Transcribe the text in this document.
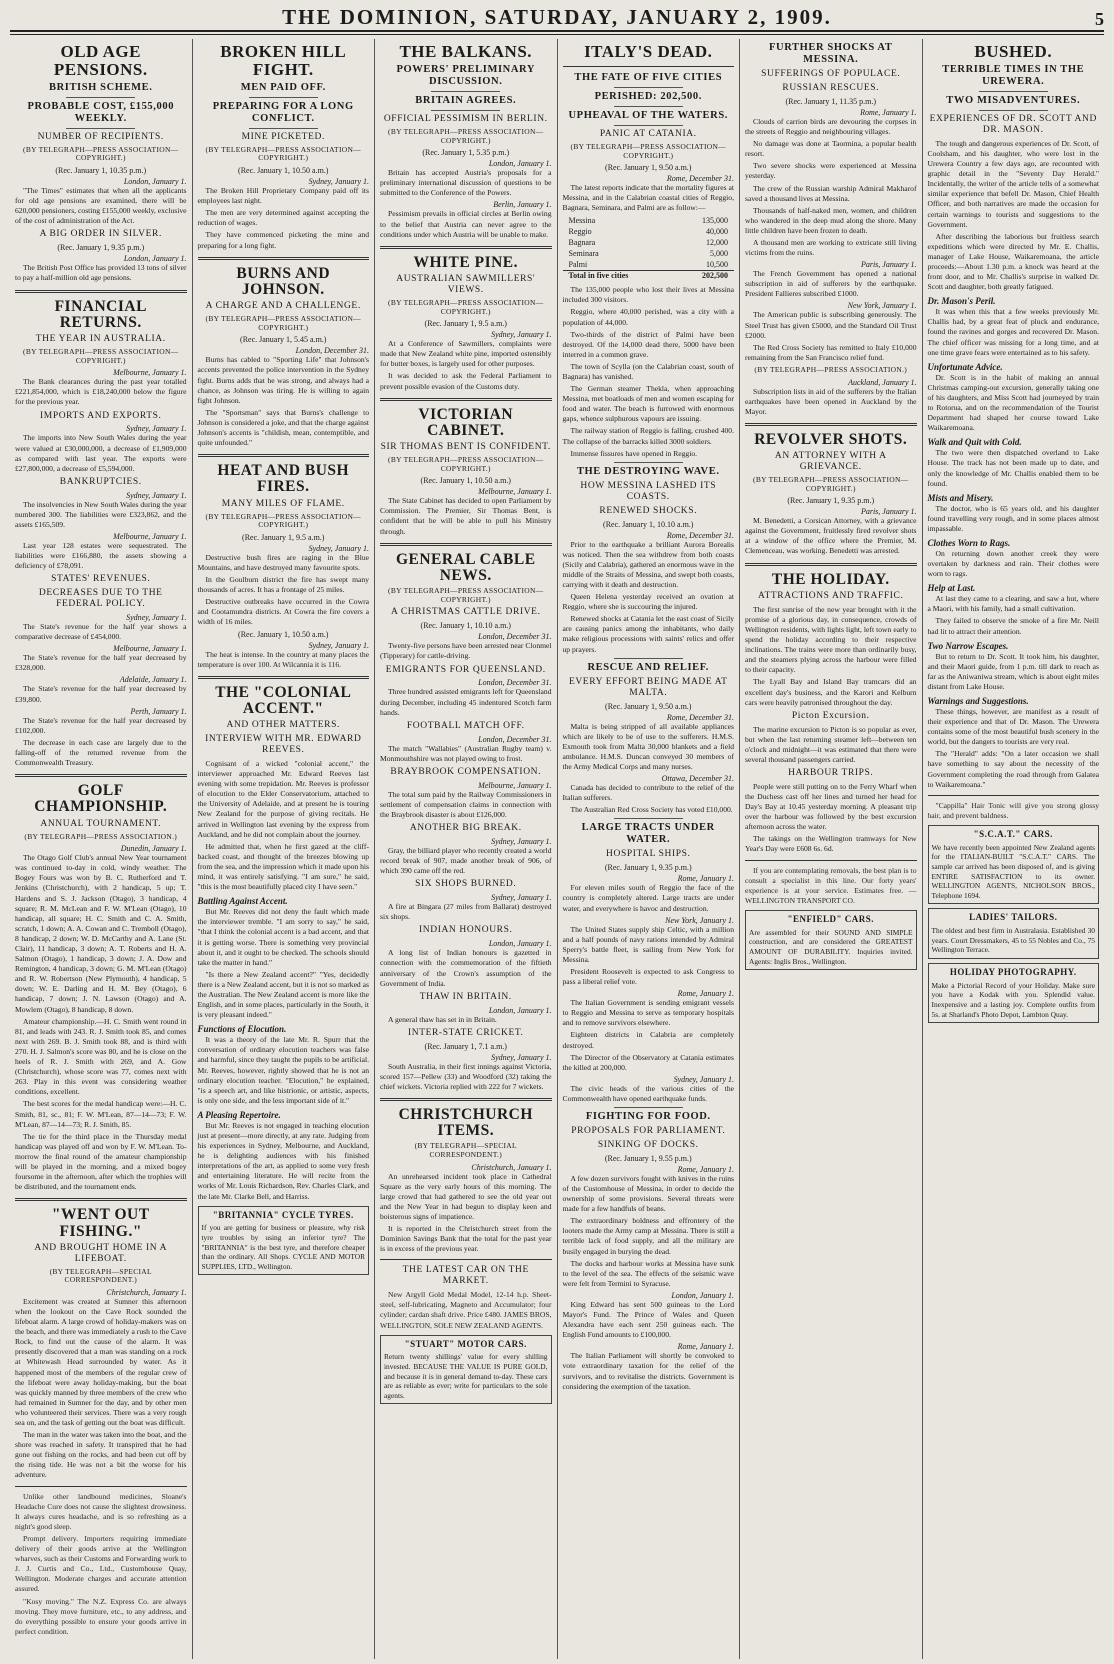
THE DOMINION, SATURDAY, JANUARY 2, 1909.	5
OLD AGE PENSIONS.
BRITISH SCHEME.
PROBABLE COST, £155,000 WEEKLY.
NUMBER OF RECIPIENTS.
(BY TELEGRAPH—PRESS ASSOCIATION—COPYRIGHT.)
(Rec. January 1, 10.35 p.m.)
London, January 1.

"The Times" estimates that when all the applicants for old age pensions are examined, there will be 620,000 pensioners, costing £155,000 weekly, exclusive of the cost of administration of the Act.

A BIG ORDER IN SILVER.
(Rec. January 1, 9.35 p.m.)
London, January 1.

The British Post Office has provided 13 tons of silver to pay a half-million old age pensions.

FINANCIAL RETURNS.
THE YEAR IN AUSTRALIA.
(BY TELEGRAPH—PRESS ASSOCIATION—COPYRIGHT.)
Melbourne, January 1.

The Bank clearances during the past year totalled £221,854,000, which is £18,240,000 below the figure for the previous year.

IMPORTS AND EXPORTS.
Sydney, January 1.

The imports into New South Wales during the year were valued at £30,000,000, a decrease of £1,909,000 as compared with last year. The exports were £27,800,000, a decrease of £5,594,000.

BANKRUPTCIES.
Sydney, January 1.

The insolvencies in New South Wales during the year numbered 300. The liabilities were £323,862, and the assets £165,509.

Melbourne, January 1.

Last year 128 estates were sequestrated. The liabilities were £166,880, the assets showing a deficiency of £78,091.

STATES' REVENUES.
DECREASES DUE TO THE FEDERAL POLICY.
Sydney, January 1.

The State's revenue for the half year shows a comparative decrease of £454,000.

Melbourne, January 1.

The State's revenue for the half year decreased by £328,000.

Adelaide, January 1.

The State's revenue for the half year decreased by £39,800.

Perth, January 1.

The State's revenue for the half year decreased by £102,000.

The decrease in each case are largely due to the falling-off of the returned revenue from the Commonwealth Treasury.

GOLF CHAMPIONSHIP.
ANNUAL TOURNAMENT.
(BY TELEGRAPH—PRESS ASSOCIATION.)
Dunedin, January 1.

The Otago Golf Club's annual New Year tournament was continued to-day in cold, windy weather. The Bogey Fours was won by B. C. Rutherford and T. Jenkins (Christchurch), with 2 handicap, 5 up; T. Hardens and S. J. Jackson (Otago), 3 handicap, 4 square; R. M. McLean and F. W. M'Lean (Otago), 10 handicap, all square; H. C. Smith and C. A. Smith, scratch, 1 down; A. A. Cowan and C. Tremboll (Otago), 8 handicap, 2 down; W. D. McCarthy and A. Lane (St. Clair), 11 handicap, 3 down; A. T. Roberts and H. A. Salmon (Otago), 1 handicap, 3 down; J. A. Dow and Remington, 4 handicap, 3 down; G. M. M'Lean (Otago) and R. W. Robertson (New Plymouth), 4 handicap, 5 down; W. E. Darling and H. M. Bey (Otago), 6 handicap, 7 down; J. N. Lawson (Otago) and A. Mowlem (Otago), 8 handicap, 8 down.

Amateur championship.—H. C. Smith went round in 81, and leads with 243. R. J. Smith took 85, and comes next with 269. B. J. Smith took 88, and is third with 270. H. J. Salmon's score was 80, and he is close on the heels of R. J. Smith with 269, and A. Gow (Christchurch), whose score was 77, comes next with 263. Play in this event was considering weather conditions, excellent.

The best scores for the medal handicap were:—H. C. Smith, 81, sc., 81; F. W. M'Lean, 87—14—73; F. W. M'Lean, 87—14—73; R. J. Smith, 85.

The tie for the third place in the Thursday medal handicap was played off and won by F. W. M'Lean. To-morrow the final round of the amateur championship will be played in the morning, and a mixed bogey foursome in the afternoon, after which the trophies will be distributed, and the tournament ends.

"WENT OUT FISHING."
AND BROUGHT HOME IN A LIFEBOAT.
(BY TELEGRAPH—SPECIAL CORRESPONDENT.)
Christchurch, January 1.

Excitement was created at Sumner this afternoon when the lookout on the Cave Rock sounded the lifeboat alarm. A large crowd of holiday-makers was on the beach, and there was immediately a rush to the Cave Rock, to find out the cause of the alarm. It was presently discovered that a man was standing on a rock at Whitewash Head surrounded by water. As it happened most of the members of the regular crew of the lifeboat were away holiday-making, but the boat was quickly manned by three members of the crew who had remained in Sumner for the day, and by other men who volunteered their services. There was a very rough sea on, and the task of getting out the boat was difficult.

The man in the water was taken into the boat, and the shore was reached in safety. It transpired that he had gone out fishing on the rocks, and had been cut off by the rising tide. He was not a bit the worse for his adventure.

Unlike other landbound medicines, Sloane's Headache Cure does not cause the slightest drowsiness. It always cures headache, and is so refreshing as a night's good sleep.

Prompt delivery. Importers requiring immediate delivery of their goods arrive at the Wellington wharves, such as their Customs and Forwarding work to J. J. Curtis and Co., Ltd., Customhouse Quay, Wellington. Moderate charges and accurate attention assured.

"Kosy moving." The N.Z. Express Co. are always moving. They move furniture, etc., to any address, and do everything possible to ensure your goods arrive in perfect condition.

BROKEN HILL FIGHT.
MEN PAID OFF.
PREPARING FOR A LONG CONFLICT.
MINE PICKETED.
(BY TELEGRAPH—PRESS ASSOCIATION—COPYRIGHT.)
(Rec. January 1, 10.50 a.m.)
Sydney, January 1.

The Broken Hill Proprietary Company paid off its employees last night.

The men are very determined against accepting the reduction of wages.

They have commenced picketing the mine and preparing for a long fight.

BURNS AND JOHNSON.
A CHARGE AND A CHALLENGE.
(BY TELEGRAPH—PRESS ASSOCIATION—COPYRIGHT.)
(Rec. January 1, 5.45 a.m.)
London, December 31.

Burns has cabled to "Sporting Life" that Johnson's accents prevented the police intervention in the Sydney fight. Burns adds that he was strong, and always had a chance, as Johnson was tiring. He is willing to again fight Johnson.

The "Sportsman" says that Burns's challenge to Johnson is considered a joke, and that the charge against Johnson's accents is "childish, mean, contemptible, and quite unfounded."

HEAT AND BUSH FIRES.
MANY MILES OF FLAME.
(BY TELEGRAPH—PRESS ASSOCIATION—COPYRIGHT.)
(Rec. January 1, 9.5 a.m.)
Sydney, January 1.

Destructive bush fires are raging in the Blue Mountains, and have destroyed many favourite spots.

In the Goulburn district the fire has swept many thousands of acres. It has a frontage of 25 miles.

Destructive outbreaks have occurred in the Cowra and Cootamundra districts. At Cowra the fire covers a width of 16 miles.

(Rec. January 1, 10.50 a.m.)
Sydney, January 1.

The heat is intense. In the country at many places the temperature is over 100. At Wilcannia it is 116.

THE "COLONIAL ACCENT."
AND OTHER MATTERS.
INTERVIEW WITH MR. EDWARD REEVES.

Cognisant of a wicked "colonial accent," the interviewer approached Mr. Edward Reeves last evening with some trepidation. Mr. Reeves is professor of elocution to the Elder Conservatorium, attached to the University of Adelaide, and at present he is touring New Zealand for the purpose of giving recitals. He arrived in Wellington last evening by the express from Auckland, and he did not complain about the journey.

He admitted that, when he first gazed at the cliff-backed coast, and thought of the breezes blowing up from the sea, and the impression which it made upon his mind, it was entirely satisfying. "I am sure," he said, "this is the most beautifully placed city I have seen."

Battling Against Accent.

But Mr. Reeves did not deny the fault which made the interviewer tremble. "I am sorry to say," he said, "that I think the colonial accent is a bad accent, and that it is getting worse. There is something very provincial about it, and it ought to be checked. The schools should take the matter in hand."

"Is there a New Zealand accent?" "Yes, decidedly there is a New Zealand accent, but it is not so marked as the Australian. The New Zealand accent is more like the English, and in some places, particularly in the South, it is very pleasant indeed."

Functions of Elocution.

It was a theory of the late Mr. R. Spurr that the conversation of ordinary elocution teachers was false and harmful, since they taught the pupils to be artificial. Mr. Reeves, however, rightly showed that he is not an ordinary elocution teacher. "Elocution," he explained, "is a speech art, and like histrionic, or artistic, aspects, is only one side, and the less important side of it."

A Pleasing Repertoire.

But Mr. Reeves is not engaged in teaching elocution just at present—more directly, at any rate. Judging from his experiences in Sydney, Melbourne, and Auckland, he is delighting audiences with his finished interpretations of the art, as applied to some very fresh and entertaining literature. He will recite from the works of Mr. Louis Richardson, Rev. Charles Clark, and the late Mr. Clarke Bell, and Harriss.

"BRITANNIA" CYCLE TYRES.
If you are getting for business or pleasure, why risk tyre troubles by using an inferior tyre? The "BRITANNIA" is the best tyre, and therefore cheaper than the ordinary. All Shops. CYCLE AND MOTOR SUPPLIES, LTD., Wellington.
THE BALKANS.
POWERS' PRELIMINARY DISCUSSION.
BRITAIN AGREES.
OFFICIAL PESSIMISM IN BERLIN.
(BY TELEGRAPH—PRESS ASSOCIATION—COPYRIGHT.)
(Rec. January 1, 5.35 p.m.)
London, January 1.

Britain has accepted Austria's proposals for a preliminary international discussion of questions to be submitted to the Conference of the Powers.

Berlin, January 1.

Pessimism prevails in official circles at Berlin owing to the belief that Austria can never agree to the conditions under which Austria will be unable to make.

WHITE PINE.
AUSTRALIAN SAWMILLERS' VIEWS.
(BY TELEGRAPH—PRESS ASSOCIATION—COPYRIGHT.)
(Rec. January 1, 9.5 a.m.)
Sydney, January 1.

At a Conference of Sawmillers, complaints were made that New Zealand white pine, imported ostensibly for butter boxes, is largely used for other purposes.

It was decided to ask the Federal Parliament to prevent possible evasion of the Customs duty.

VICTORIAN CABINET.
SIR THOMAS BENT IS CONFIDENT.
(BY TELEGRAPH—PRESS ASSOCIATION—COPYRIGHT.)
(Rec. January 1, 10.50 a.m.)
Melbourne, January 1.

The State Cabinet has decided to open Parliament by Commission. The Premier, Sir Thomas Bent, is confident that he will be able to pull his Ministry through.

GENERAL CABLE NEWS.
(BY TELEGRAPH—PRESS ASSOCIATION—COPYRIGHT.)
A CHRISTMAS CATTLE DRIVE.
(Rec. January 1, 10.10 a.m.)
London, December 31.

Twenty-five persons have been arrested near Clonmel (Tipperary) for cattle-driving.

EMIGRANTS FOR QUEENSLAND.
London, December 31.

Three hundred assisted emigrants left for Queensland during December, including 45 indentured Scotch farm hands.

FOOTBALL MATCH OFF.
London, December 31.

The match "Wallabies" (Australian Rugby team) v. Monmouthshire was not played owing to frost.

BRAYBROOK COMPENSATION.
Melbourne, January 1.

The total sum paid by the Railway Commissioners in settlement of compensation claims in connection with the Braybrook disaster is about £126,000.

ANOTHER BIG BREAK.
Sydney, January 1.

Gray, the billiard player who recently created a world record break of 907, made another break of 906, of which 390 came off the red.

SIX SHOPS BURNED.
Sydney, January 1.

A fire at Bingara (27 miles from Ballarat) destroyed six shops.

INDIAN HONOURS.
London, January 1.

A long list of Indian honours is gazetted in connection with the commemoration of the fiftieth anniversary of the Crown's assumption of the Government of India.

THAW IN BRITAIN.
London, January 1.

A general thaw has set in in Britain.

INTER-STATE CRICKET.
(Rec. January 1, 7.1 a.m.)
Sydney, January 1.

South Australia, in their first innings against Victoria, scored 157—Pellew (33) and Woodford (32) taking the chief wickets. Victoria replied with 222 for 7 wickets.

CHRISTCHURCH ITEMS.
(BY TELEGRAPH—SPECIAL CORRESPONDENT.)
Christchurch, January 1.

An unrehearsed incident took place in Cathedral Square as the very early hours of this morning. The large crowd that had gathered to see the old year out and the New Year in had begun to display keen and boisterous signs of impatience.

It is reported in the Christchurch street from the Dominion Savings Bank that the total for the past year is in excess of the previous year.

THE LATEST CAR ON THE MARKET.

New Argyll Gold Medal Model, 12-14 h.p. Sheet-steel, self-lubricating, Magneto and Accumulator; four cylinder; cardan shaft drive. Price £480. JAMES BROS, WELLINGTON, SOLE NEW ZEALAND AGENTS.

"STUART" MOTOR CARS.
Return twenty shillings' value for every shilling invested. BECAUSE THE VALUE IS PURE GOLD, and because it is in general demand to-day. These cars are as reliable as ever; write for particulars to the sole agents.
ITALY'S DEAD.
THE FATE OF FIVE CITIES
PERISHED: 202,500.
UPHEAVAL OF THE WATERS.
PANIC AT CATANIA.
(BY TELEGRAPH—PRESS ASSOCIATION—COPYRIGHT.)
(Rec. January 1, 9.50 a.m.)
Rome, December 31.

The latest reports indicate that the mortality figures at Messina, and in the Calabrian coastal cities of Reggio, Bagnara, Seminara, and Palmi are as follow:—

Messina	135,000
Reggio	40,000
Bagnara	12,000
Seminara	5,000
Palmi	10,500
Total in five cities	202,500

The 135,000 people who lost their lives at Messina included 300 visitors.

Reggio, where 40,000 perished, was a city with a population of 44,000.

Two-thirds of the district of Palmi have been destroyed. Of the 14,000 dead there, 5000 have been interred in a common grave.

The town of Scylla (on the Calabrian coast, south of Bagnara) has vanished.

The German steamer Thekla, when approaching Messina, met boatloads of men and women escaping for food and water. The beach is furrowed with enormous gaps, whence sulphurous vapours are issuing.

The railway station of Reggio is falling, crushed 400. The collapse of the barracks killed 3000 soldiers.

Immense fissures have opened in Reggio.

THE DESTROYING WAVE.
HOW MESSINA LASHED ITS COASTS.
RENEWED SHOCKS.
(Rec. January 1, 10.10 a.m.)
Rome, December 31.

Prior to the earthquake a brilliant Aurora Borealis was noticed. Then the sea withdrew from both coasts (Sicily and Calabria), gathered an enormous wave in the middle of the Straits of Messina, and swept both coasts, carrying with it death and destruction.

Queen Helena yesterday received an ovation at Reggio, where she is succouring the injured.

Renewed shocks at Catania let the east coast of Sicily are causing panics among the inhabitants, who daily make religious processions with saints' relics and offer up prayers.

RESCUE AND RELIEF.
EVERY EFFORT BEING MADE AT MALTA.
(Rec. January 1, 9.50 a.m.)
Rome, December 31.

Malta is being stripped of all available appliances which are likely to be of use to the sufferers. H.M.S. Exmouth took from Malta 30,000 blankets and a field ambulance. H.M.S. Duncan conveyed 30 members of the Army Medical Corps and many nurses.

Ottawa, December 31.

Canada has decided to contribute to the relief of the Italian sufferers.

The Australian Red Cross Society has voted £10,000.

LARGE TRACTS UNDER WATER.
HOSPITAL SHIPS.
(Rec. January 1, 9.35 p.m.)
Rome, January 1.

For eleven miles south of Reggio the face of the country is completely altered. Large tracts are under water, and everywhere is havoc and destruction.

New York, January 1.

The United States supply ship Celtic, with a million and a half pounds of navy rations intended by Admiral Sperry's battle fleet, is sailing from New York for Messina.

President Roosevelt is expected to ask Congress to pass a liberal relief vote.

Rome, January 1.

The Italian Government is sending emigrant vessels to Reggio and Messina to serve as temporary hospitals and to remove survivors elsewhere.

Eighteen districts in Calabria are completely destroyed.

The Director of the Observatory at Catania estimates the killed at 200,000.

Sydney, January 1.

The civic heads of the various cities of the Commonwealth have opened earthquake funds.

FIGHTING FOR FOOD.
PROPOSALS FOR PARLIAMENT.
SINKING OF DOCKS.
(Rec. January 1, 9.55 p.m.)
Rome, January 1.

A few dozen survivors fought with knives in the ruins of the Customhouse of Messina, in order to decide the ownership of some provisions. Several threats were made for a few handfuls of beans.

The extraordinary boldness and effrontery of the looters made the Army camp at Messina. There is still a terrible lack of food supply, and all the military are busily engaged in burying the dead.

The docks and harbour works at Messina have sunk to the level of the sea. The effects of the seismic wave were felt from Termini to Syracuse.

London, January 1.

King Edward has sent 500 guineas to the Lord Mayor's Fund. The Prince of Wales and Queen Alexandra have each sent 250 guineas each. The English Fund amounts to £100,000.

Rome, January 1.

The Italian Parliament will shortly be convoked to vote extraordinary taxation for the relief of the survivors, and to revitalise the districts. Government is considering the exemption of the taxation.

FURTHER SHOCKS AT MESSINA.
SUFFERINGS OF POPULACE.
RUSSIAN RESCUES.
(Rec. January 1, 11.35 p.m.)
Rome, January 1.

Clouds of carrion birds are devouring the corpses in the streets of Reggio and neighbouring villages.

No damage was done at Taormina, a popular health resort.

Two severe shocks were experienced at Messina yesterday.

The crew of the Russian warship Admiral Makharof saved a thousand lives at Messina.

Thousands of half-naked men, women, and children who wandered in the deep mud along the shore. Many little children have been frozen to death.

A thousand men are working to extricate still living victims from the ruins.

Paris, January 1.

The French Government has opened a national subscription in aid of sufferers by the earthquake. President Fallieres subscribed £1000.

New York, January 1.

The American public is subscribing generously. The Steel Trust has given £5000, and the Standard Oil Trust £2000.

The Red Cross Society has remitted to Italy £10,000 remaining from the San Francisco relief fund.

(BY TELEGRAPH—PRESS ASSOCIATION.)
Auckland, January 1.

Subscription lists in aid of the sufferers by the Italian earthquakes have been opened in Auckland by the Mayor.

REVOLVER SHOTS.
AN ATTORNEY WITH A GRIEVANCE.
(BY TELEGRAPH—PRESS ASSOCIATION—COPYRIGHT.)
(Rec. January 1, 9.35 p.m.)
Paris, January 1.

M. Benedetti, a Corsican Attorney, with a grievance against the Government, fruitlessly fired revolver shots at a window of the office where the Premier, M. Clemenceau, was working. Benedetti was arrested.

THE HOLIDAY.
ATTRACTIONS AND TRAFFIC.

The first sunrise of the new year brought with it the promise of a glorious day, in consequence, crowds of Wellington residents, with lights light, left town early to spend the holiday according to their respective inclinations. The trains were more than ordinarily busy, and the steamers plying across the harbour were filled to their capacity.

The Lyall Bay and Island Bay tramcars did an excellent day's business, and the Karori and Kelburn cars were heavily patronised throughout the day.

Picton Excursion.

The marine excursion to Picton is so popular as ever, but when the last returning steamer left—between ten o'clock and midnight—it was estimated that there were several thousand passengers carried.

HARBOUR TRIPS.

People were still putting on to the Ferry Wharf when the Duchess cast off her lines and turned her head for Day's Bay at 10.45 yesterday morning. A pleasant trip over the harbour was followed by the best excursion afternoon across the water.

The takings on the Wellington tramways for New Year's Day were £608 6s. 6d.

If you are contemplating removals, the best plan is to consult a specialist in this line. Our forty years' experience is at your service. Estimates free. — WELLINGTON TRANSPORT CO.

"ENFIELD" CARS.
Are assembled for their SOUND AND SIMPLE construction, and are considered the GREATEST AMOUNT OF DURABILITY. Inquiries invited. Agents: Inglis Bros., Wellington.
BUSHED.
TERRIBLE TIMES IN THE UREWERA.
TWO MISADVENTURES.
EXPERIENCES OF DR. SCOTT AND DR. MASON.

The tough and dangerous experiences of Dr. Scott, of Coolsham, and his daughter, who were lost in the Urewera Country a few days ago, are recounted with graphic detail in the "Seventy Day Herald." Incidentally, the writer of the article tells of a somewhat similar experience that befell Dr. Mason, Chief Health Officer, and both narratives are made the occasion for certain warnings to tourists and suggestions to the Government.

After describing the laborious but fruitless search expeditions which were directed by Mr. E. Challis, manager of Lake House, Waikaremoana, the article proceeds:—About 1.30 p.m. a knock was heard at the front door, and to Mr. Challis's surprise in walked Dr. Scott and daughter, both greatly fatigued.

Dr. Mason's Peril.

It was when this that a few weeks previously Mr. Challis had, by a great feat of pluck and endurance, found the ravines and gorges and recovered Dr. Mason. The chief officer was missing for a long time, and at one time grave fears were entertained as to his safety.

Unfortunate Advice.

Dr. Scott is in the habit of making an annual Christmas camping-out excursion, generally taking one of his daughters, and Miss Scott had journeyed by train to Rotorua, and on the recommendation of the Tourist Department had shaped her course toward Lake Waikaremoana.

Walk and Quit with Cold.

The two were then dispatched overland to Lake House. The track has not been made up to date, and only the knowledge of Mr. Challis enabled them to be found.

Mists and Misery.

The doctor, who is 65 years old, and his daughter found travelling very rough, and in some places almost impassable.

Clothes Worn to Rags.

On returning down another creek they were overtaken by darkness and rain. Their clothes were worn to rags.

Help at Last.

At last they came to a clearing, and saw a hut, where a Maori, with his family, had a small cultivation.

They failed to observe the smoke of a fire Mr. Neill had lit to attract their attention.

Two Narrow Escapes.

But to return to Dr. Scott. It took him, his daughter, and their Maori guide, from 1 p.m. till dark to reach as far as the Aniwaniwa stream, which is about eight miles distant from Lake House.

Warnings and Suggestions.

These things, however, are manifest as a result of their experience and that of Dr. Mason. The Urewera contains some of the most beautiful bush scenery in the world, but the dangers to tourists are very real.

The "Herald" adds: "On a later occasion we shall have something to say about the necessity of the Government completing the road through from Galatea to Waikaremoana."

"Cappilla" Hair Tonic will give you strong glossy hair, and prevent baldness.

"S.C.A.T." CARS.
We have recently been appointed New Zealand agents for the ITALIAN-BUILT "S.C.A.T." CARS. The sample car arrived has been disposed of, and is giving ENTIRE SATISFACTION to its owner. WELLINGTON AGENTS, NICHOLSON BROS., Telephone 1694.
LADIES' TAILORS.
The oldest and best firm in Australasia. Established 30 years. Court Dressmakers, 45 to 55 Nobles and Co., 75 Wellington Terrace.
HOLIDAY PHOTOGRAPHY.
Make a Pictorial Record of your Holiday. Make sure you have a Kodak with you. Splendid value. Inexpensive and a lasting joy. Complete outfits from 5s. at Sharland's Photo Depot, Lambton Quay.
